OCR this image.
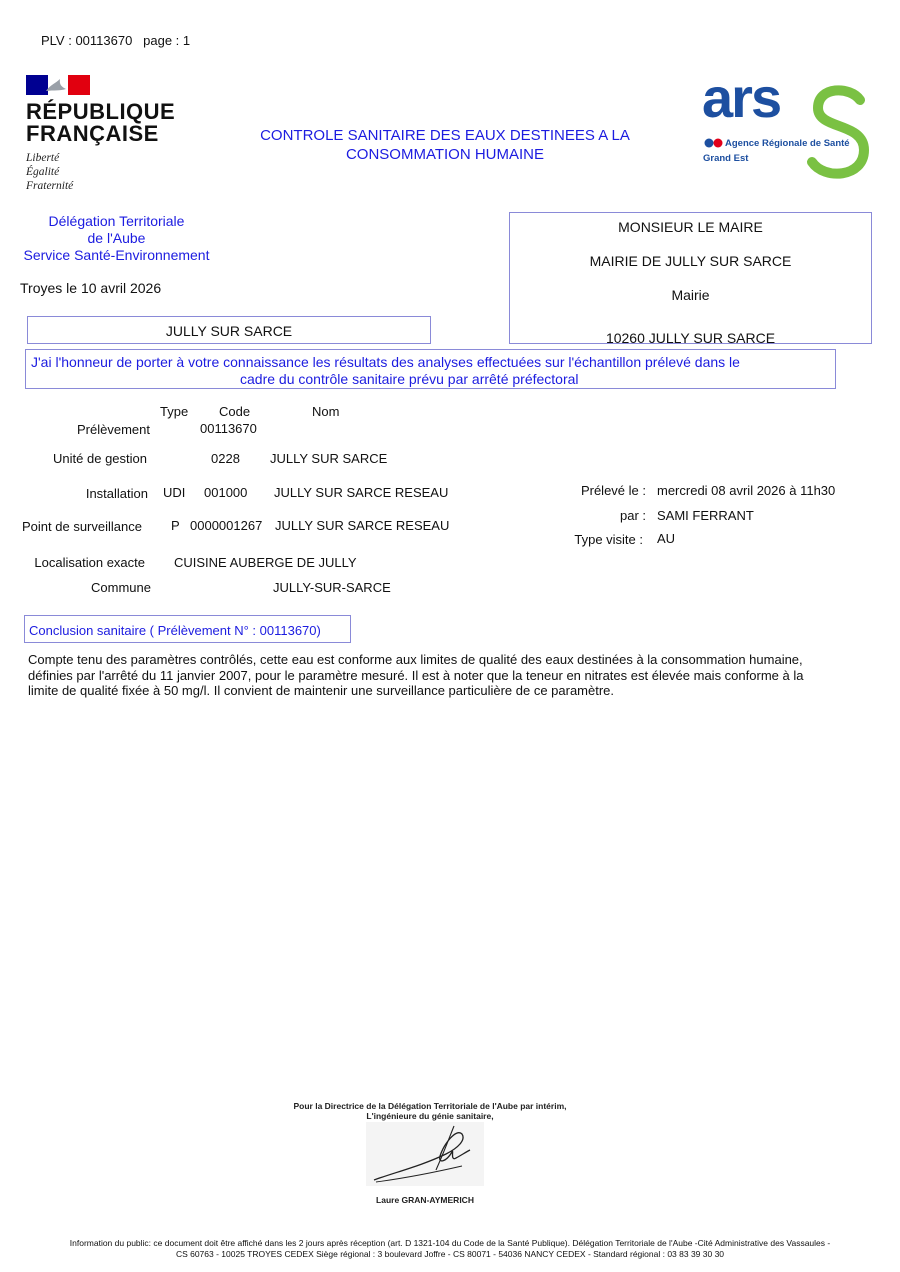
PLV : 00113670   page : 1
RÉPUBLIQUE
FRANÇAISE
Liberté
Égalité
Fraternité
CONTROLE SANITAIRE DES EAUX DESTINEES A LA
CONSOMMATION HUMAINE
ars
Agence Régionale de Santé
Grand Est
Délégation Territoriale
de l'Aube
Service Santé-Environnement
Troyes le 10 avril 2026
MONSIEUR LE MAIRE
MAIRIE DE JULLY SUR SARCE
Mairie
10260 JULLY SUR SARCE
JULLY SUR SARCE
J'ai l'honneur de porter à votre connaissance les résultats des analyses effectuées sur l'échantillon prélevé dans le
cadre du contrôle sanitaire prévu par arrêté préfectoral
Type Code	Nom
Prélèvement	00113670
Unité de gestion	0228 JULLY SUR SARCE
Installation UDI 001000 JULLY SUR SARCE RESEAU
Point de surveillance P 0000001267 JULLY SUR SARCE RESEAU
Localisation exacte CUISINE AUBERGE DE JULLY
Commune	JULLY-SUR-SARCE
Prélevé le : mercredi 08 avril 2026 à 11h30
par : SAMI FERRANT
Type visite : AU
Conclusion sanitaire ( Prélèvement N° : 00113670)
Compte tenu des paramètres contrôlés, cette eau est conforme aux limites de qualité des eaux destinées à la consommation humaine,
définies par l'arrêté du 11 janvier 2007, pour le paramètre mesuré. Il est à noter que la teneur en nitrates est élevée mais conforme à la
limite de qualité fixée à 50 mg/l. Il convient de maintenir une surveillance particulière de ce paramètre.
Pour la Directrice de la Délégation Territoriale de l'Aube par intérim,
L'ingénieure du génie sanitaire,
Laure GRAN-AYMERICH
Information du public: ce document doit être affiché dans les 2 jours après réception (art. D 1321-104 du Code de la Santé Publique). Délégation Territoriale de l'Aube -Cité Administrative des Vassaules -
CS 60763 - 10025 TROYES CEDEX Siège régional : 3 boulevard Joffre - CS 80071 - 54036 NANCY CEDEX - Standard régional : 03 83 39 30 30
